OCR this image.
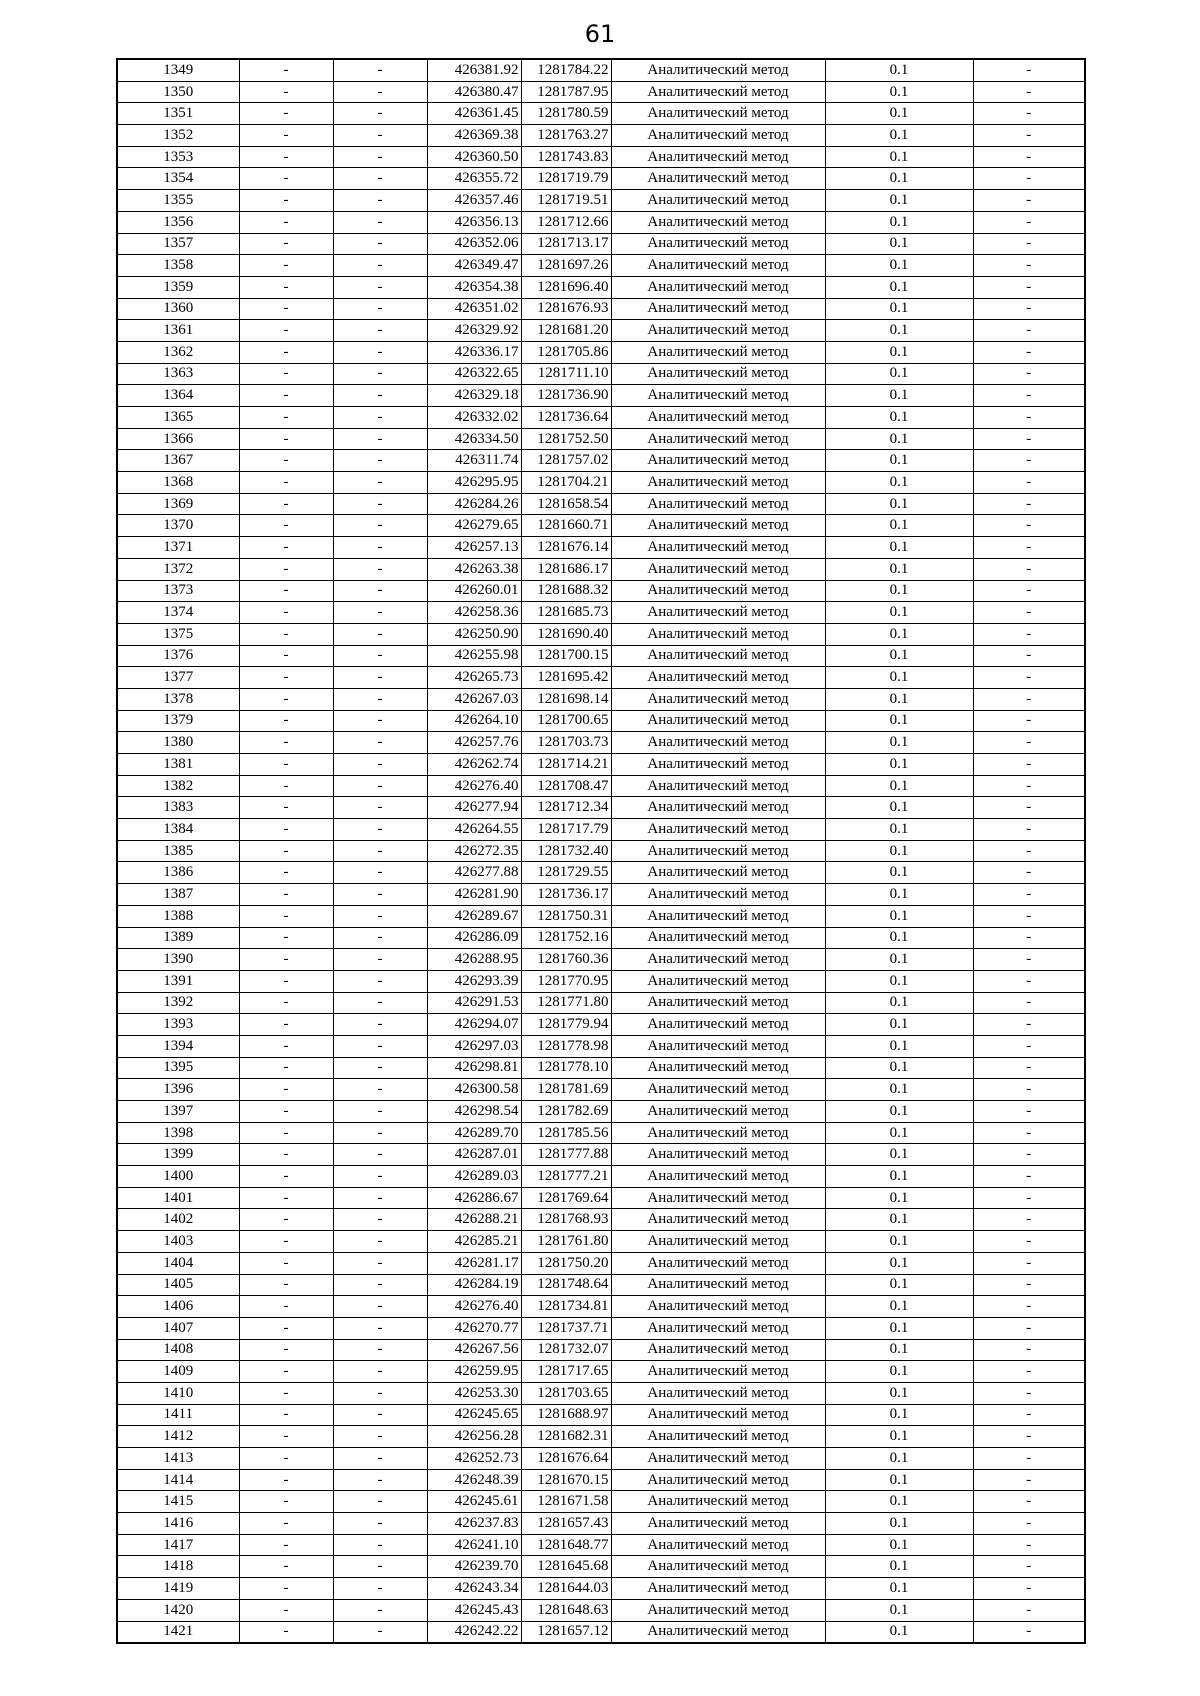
61
1349	-	-	426381.92	1281784.22	Аналитический метод	0.1	-
1350	-	-	426380.47	1281787.95	Аналитический метод	0.1	-
1351	-	-	426361.45	1281780.59	Аналитический метод	0.1	-
1352	-	-	426369.38	1281763.27	Аналитический метод	0.1	-
1353	-	-	426360.50	1281743.83	Аналитический метод	0.1	-
1354	-	-	426355.72	1281719.79	Аналитический метод	0.1	-
1355	-	-	426357.46	1281719.51	Аналитический метод	0.1	-
1356	-	-	426356.13	1281712.66	Аналитический метод	0.1	-
1357	-	-	426352.06	1281713.17	Аналитический метод	0.1	-
1358	-	-	426349.47	1281697.26	Аналитический метод	0.1	-
1359	-	-	426354.38	1281696.40	Аналитический метод	0.1	-
1360	-	-	426351.02	1281676.93	Аналитический метод	0.1	-
1361	-	-	426329.92	1281681.20	Аналитический метод	0.1	-
1362	-	-	426336.17	1281705.86	Аналитический метод	0.1	-
1363	-	-	426322.65	1281711.10	Аналитический метод	0.1	-
1364	-	-	426329.18	1281736.90	Аналитический метод	0.1	-
1365	-	-	426332.02	1281736.64	Аналитический метод	0.1	-
1366	-	-	426334.50	1281752.50	Аналитический метод	0.1	-
1367	-	-	426311.74	1281757.02	Аналитический метод	0.1	-
1368	-	-	426295.95	1281704.21	Аналитический метод	0.1	-
1369	-	-	426284.26	1281658.54	Аналитический метод	0.1	-
1370	-	-	426279.65	1281660.71	Аналитический метод	0.1	-
1371	-	-	426257.13	1281676.14	Аналитический метод	0.1	-
1372	-	-	426263.38	1281686.17	Аналитический метод	0.1	-
1373	-	-	426260.01	1281688.32	Аналитический метод	0.1	-
1374	-	-	426258.36	1281685.73	Аналитический метод	0.1	-
1375	-	-	426250.90	1281690.40	Аналитический метод	0.1	-
1376	-	-	426255.98	1281700.15	Аналитический метод	0.1	-
1377	-	-	426265.73	1281695.42	Аналитический метод	0.1	-
1378	-	-	426267.03	1281698.14	Аналитический метод	0.1	-
1379	-	-	426264.10	1281700.65	Аналитический метод	0.1	-
1380	-	-	426257.76	1281703.73	Аналитический метод	0.1	-
1381	-	-	426262.74	1281714.21	Аналитический метод	0.1	-
1382	-	-	426276.40	1281708.47	Аналитический метод	0.1	-
1383	-	-	426277.94	1281712.34	Аналитический метод	0.1	-
1384	-	-	426264.55	1281717.79	Аналитический метод	0.1	-
1385	-	-	426272.35	1281732.40	Аналитический метод	0.1	-
1386	-	-	426277.88	1281729.55	Аналитический метод	0.1	-
1387	-	-	426281.90	1281736.17	Аналитический метод	0.1	-
1388	-	-	426289.67	1281750.31	Аналитический метод	0.1	-
1389	-	-	426286.09	1281752.16	Аналитический метод	0.1	-
1390	-	-	426288.95	1281760.36	Аналитический метод	0.1	-
1391	-	-	426293.39	1281770.95	Аналитический метод	0.1	-
1392	-	-	426291.53	1281771.80	Аналитический метод	0.1	-
1393	-	-	426294.07	1281779.94	Аналитический метод	0.1	-
1394	-	-	426297.03	1281778.98	Аналитический метод	0.1	-
1395	-	-	426298.81	1281778.10	Аналитический метод	0.1	-
1396	-	-	426300.58	1281781.69	Аналитический метод	0.1	-
1397	-	-	426298.54	1281782.69	Аналитический метод	0.1	-
1398	-	-	426289.70	1281785.56	Аналитический метод	0.1	-
1399	-	-	426287.01	1281777.88	Аналитический метод	0.1	-
1400	-	-	426289.03	1281777.21	Аналитический метод	0.1	-
1401	-	-	426286.67	1281769.64	Аналитический метод	0.1	-
1402	-	-	426288.21	1281768.93	Аналитический метод	0.1	-
1403	-	-	426285.21	1281761.80	Аналитический метод	0.1	-
1404	-	-	426281.17	1281750.20	Аналитический метод	0.1	-
1405	-	-	426284.19	1281748.64	Аналитический метод	0.1	-
1406	-	-	426276.40	1281734.81	Аналитический метод	0.1	-
1407	-	-	426270.77	1281737.71	Аналитический метод	0.1	-
1408	-	-	426267.56	1281732.07	Аналитический метод	0.1	-
1409	-	-	426259.95	1281717.65	Аналитический метод	0.1	-
1410	-	-	426253.30	1281703.65	Аналитический метод	0.1	-
1411	-	-	426245.65	1281688.97	Аналитический метод	0.1	-
1412	-	-	426256.28	1281682.31	Аналитический метод	0.1	-
1413	-	-	426252.73	1281676.64	Аналитический метод	0.1	-
1414	-	-	426248.39	1281670.15	Аналитический метод	0.1	-
1415	-	-	426245.61	1281671.58	Аналитический метод	0.1	-
1416	-	-	426237.83	1281657.43	Аналитический метод	0.1	-
1417	-	-	426241.10	1281648.77	Аналитический метод	0.1	-
1418	-	-	426239.70	1281645.68	Аналитический метод	0.1	-
1419	-	-	426243.34	1281644.03	Аналитический метод	0.1	-
1420	-	-	426245.43	1281648.63	Аналитический метод	0.1	-
1421	-	-	426242.22	1281657.12	Аналитический метод	0.1	-
